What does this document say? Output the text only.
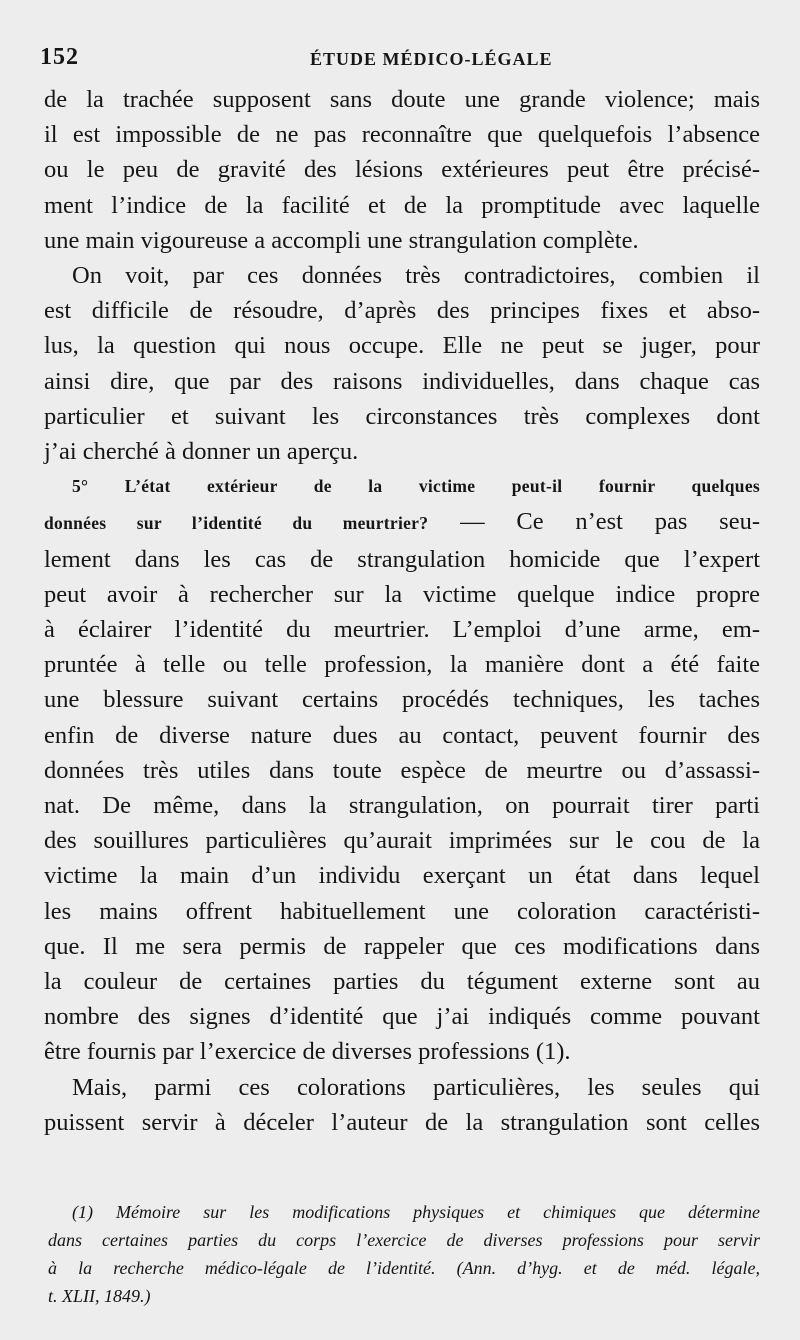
152	ÉTUDE MÉDICO-LÉGALE
de la trachée supposent sans doute une grande violence; mais
il est impossible de ne pas reconnaître que quelquefois l’absence
ou le peu de gravité des lésions extérieures peut être précisé-
ment l’indice de la facilité et de la promptitude avec laquelle
une main vigoureuse a accompli une strangulation complète.
On voit, par ces données très contradictoires, combien il
est difficile de résoudre, d’après des principes fixes et abso-
lus, la question qui nous occupe. Elle ne peut se juger, pour
ainsi dire, que par des raisons individuelles, dans chaque cas
particulier et suivant les circonstances très complexes dont
j’ai cherché à donner un aperçu.
5° L’état extérieur de la victime peut-il fournir quelques
données sur l’identité du meurtrier? — Ce n’est pas seu-
lement dans les cas de strangulation homicide que l’expert
peut avoir à rechercher sur la victime quelque indice propre
à éclairer l’identité du meurtrier. L’emploi d’une arme, em-
pruntée à telle ou telle profession, la manière dont a été faite
une blessure suivant certains procédés techniques, les taches
enfin de diverse nature dues au contact, peuvent fournir des
données très utiles dans toute espèce de meurtre ou d’assassi-
nat. De même, dans la strangulation, on pourrait tirer parti
des souillures particulières qu’aurait imprimées sur le cou de la
victime la main d’un individu exerçant un état dans lequel
les mains offrent habituellement une coloration caractéristi-
que. Il me sera permis de rappeler que ces modifications dans
la couleur de certaines parties du tégument externe sont au
nombre des signes d’identité que j’ai indiqués comme pouvant
être fournis par l’exercice de diverses professions (1).
Mais, parmi ces colorations particulières, les seules qui
puissent servir à déceler l’auteur de la strangulation sont celles
(1) Mémoire sur les modifications physiques et chimiques que détermine
dans certaines parties du corps l’exercice de diverses professions pour servir
à la recherche médico-légale de l’identité. (Ann. d’hyg. et de méd. légale,
t. XLII, 1849.)
